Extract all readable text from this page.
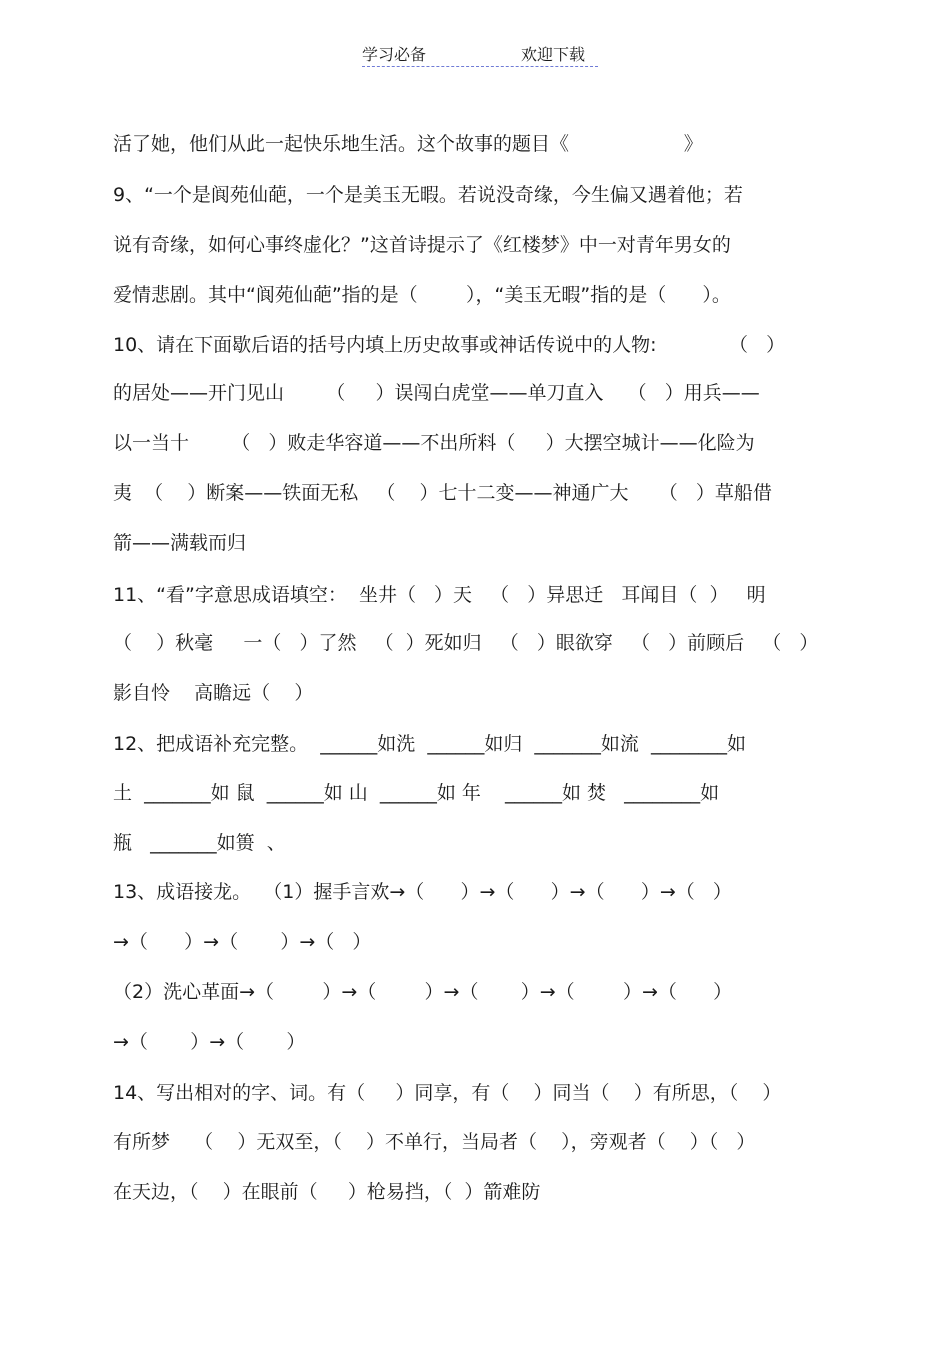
学习必备	欢迎下载
活了她，他们从此一起快乐地生活。这个故事的题目《                   》
9、“一个是阆苑仙葩，一个是美玉无暇。若说没奇缘，今生偏又遇着他；若
说有奇缘，如何心事终虚化？”这首诗提示了《红楼梦》中一对青年男女的
爱情悲剧。其中“阆苑仙葩”指的是（        ），“美玉无暇”指的是（      ）。
10、请在下面歇后语的括号内填上历史故事或神话传说中的人物:            （   ）
的居处——开门见山       （     ）误闯白虎堂——单刀直入    （   ）用兵——
以一当十       （   ）败走华容道——不出所料（     ）大摆空城计——化险为
夷  （    ）断案——铁面无私   （    ）七十二变——神通广大     （   ）草船借
箭——满载而归
11、“看”字意思成语填空：  坐井（   ）天   （   ）异思迁   耳闻目（  ）   明
（    ）秋毫     一（   ）了然   （  ）死如归   （   ）眼欲穿   （   ）前顾后   （   ）
影自怜    高瞻远（    ）
12、把成语补充完整。  ______如洗  ______如归  _______如流  ________如
土  _______如 鼠  ______如 山  ______如 年    ______如 焚   ________如
瓶   _______如篑  、
13、成语接龙。  （1）握手言欢→（      ）→（      ）→（      ）→（   ）
→（      ）→（       ）→（   ）
（2）洗心革面→（        ）→（        ）→（       ）→（        ）→（      ）
→（       ）→（       ）
14、写出相对的字、词。有（     ）同享，有（    ）同当（    ）有所思，（    ）
有所梦    （    ）无双至，（    ）不单行，当局者（    ），旁观者（    ）（   ）
在天边，（    ）在眼前（     ）枪易挡，（  ）箭难防
